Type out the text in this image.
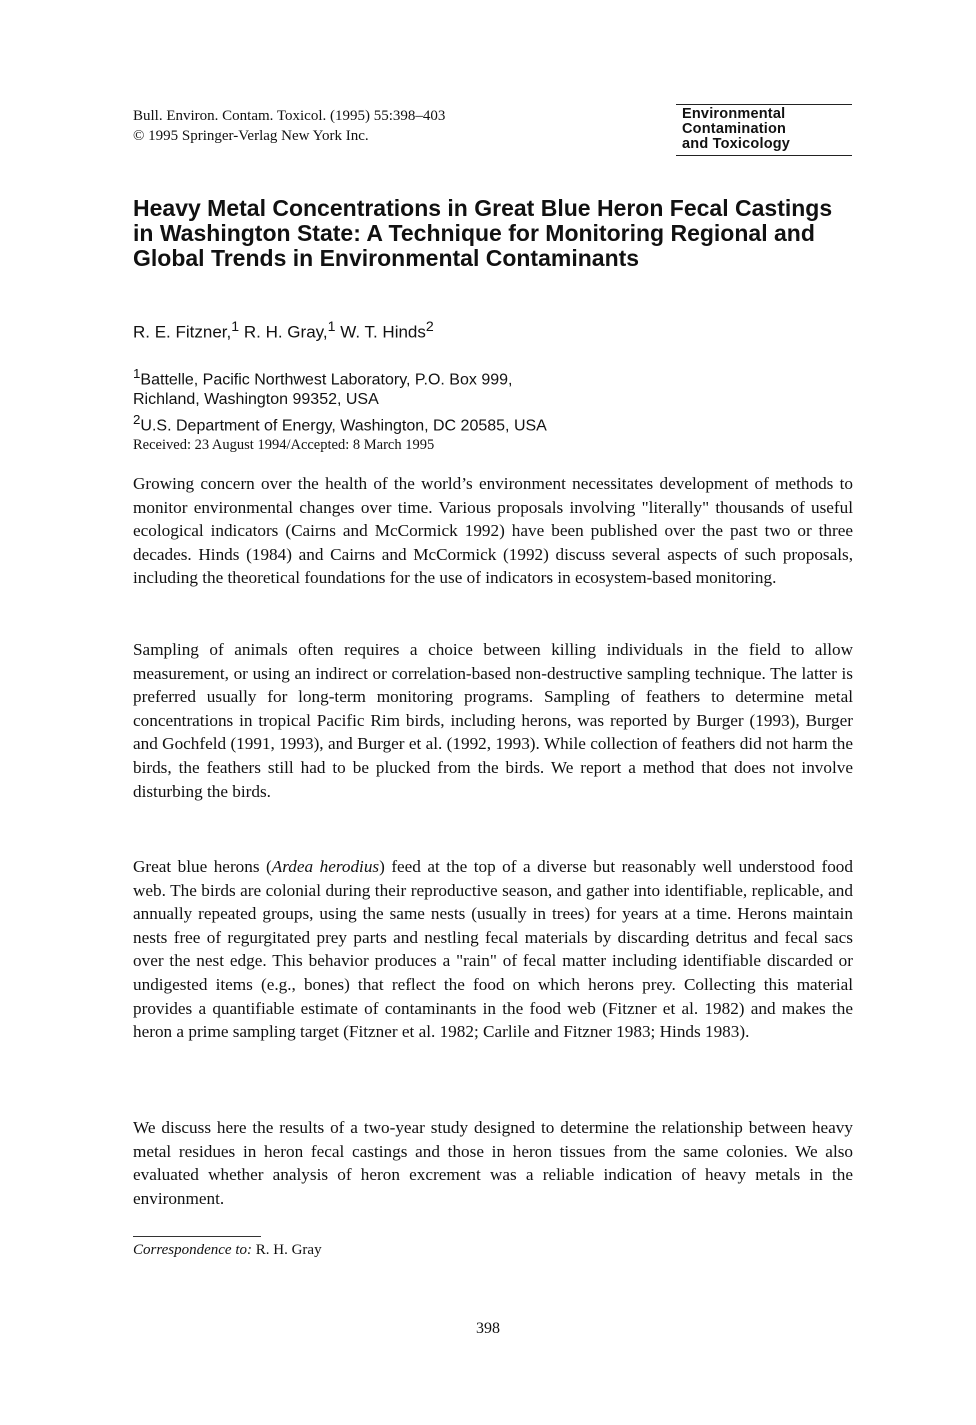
Bull. Environ. Contam. Toxicol. (1995) 55:398–403
© 1995 Springer-Verlag New York Inc.
Environmental
Contamination
and Toxicology
Heavy Metal Concentrations in Great Blue Heron Fecal Castings in Washington State: A Technique for Monitoring Regional and Global Trends in Environmental Contaminants
R. E. Fitzner,$^1$ R. H. Gray,$^1$ W. T. Hinds$^2$
$^1$Battelle, Pacific Northwest Laboratory, P.O. Box 999,
Richland, Washington 99352, USA
$^2$U.S. Department of Energy, Washington, DC 20585, USA
Received: 23 August 1994/Accepted: 8 March 1995

Growing concern over the health of the world’s environment necessitates development of methods to monitor environmental changes over time. Various proposals involving "literally" thousands of useful ecological indicators (Cairns and McCormick 1992) have been published over the past two or three decades. Hinds (1984) and Cairns and McCormick (1992) discuss several aspects of such proposals, including the theoretical foundations for the use of indicators in ecosystem-based monitoring.

Sampling of animals often requires a choice between killing individuals in the field to allow measurement, or using an indirect or correlation-based non-destructive sampling technique. The latter is preferred usually for long-term monitoring programs. Sampling of feathers to determine metal concentrations in tropical Pacific Rim birds, including herons, was reported by Burger (1993), Burger and Gochfeld (1991, 1993), and Burger et al. (1992, 1993). While collection of feathers did not harm the birds, the feathers still had to be plucked from the birds. We report a method that does not involve disturbing the birds.

Great blue herons (Ardea herodius) feed at the top of a diverse but reasonably well understood food web. The birds are colonial during their reproductive season, and gather into identifiable, replicable, and annually repeated groups, using the same nests (usually in trees) for years at a time. Herons maintain nests free of regurgitated prey parts and nestling fecal materials by discarding detritus and fecal sacs over the nest edge. This behavior produces a "rain" of fecal matter including identifiable discarded or undigested items (e.g., bones) that reflect the food on which herons prey. Collecting this material provides a quantifiable estimate of contaminants in the food web (Fitzner et al. 1982) and makes the heron a prime sampling target (Fitzner et al. 1982; Carlile and Fitzner 1983; Hinds 1983).

We discuss here the results of a two-year study designed to determine the relationship between heavy metal residues in heron fecal castings and those in heron tissues from the same colonies. We also evaluated whether analysis of heron excrement was a reliable indication of heavy metals in the environment.

Correspondence to: R. H. Gray
398
